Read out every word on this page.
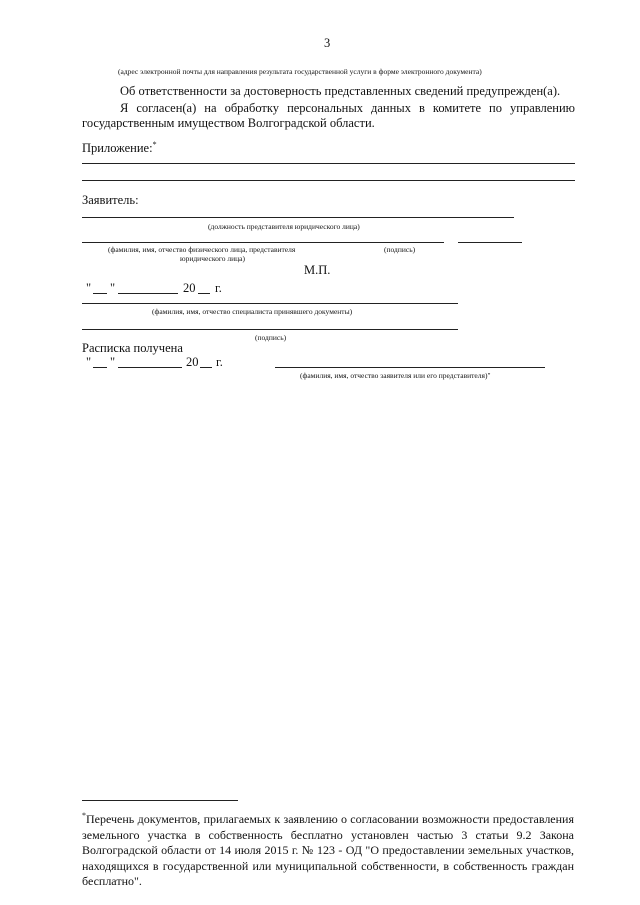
3
(адрес электронной почты для направления результата государственной услуги в форме электронного документа)
Об ответственности за достоверность представленных сведений предупрежден(а).
Я согласен(а) на обработку персональных данных в комитете по управлению
государственным имуществом Волгоградской области.
Приложение:*
Заявитель:
(должность представителя юридического лица)
(фамилия, имя, отчество физического лица, представителя	(подпись)
юридического лица)
М.П.
" "	20 г.
(фамилия, имя, отчество специалиста принявшего документы)
(подпись)
Расписка получена
" "	20 г.
(фамилия, имя, отчество заявителя или его представителя)"
*Перечень документов, прилагаемых к заявлению о согласовании возможности предоставления
земельного участка в собственность бесплатно установлен частью 3 статьи 9.2 Закона
Волгоградской области от 14 июля 2015 г. № 123 - ОД "О предоставлении земельных участков,
находящихся в государственной или муниципальной собственности, в собственность граждан
бесплатно".
